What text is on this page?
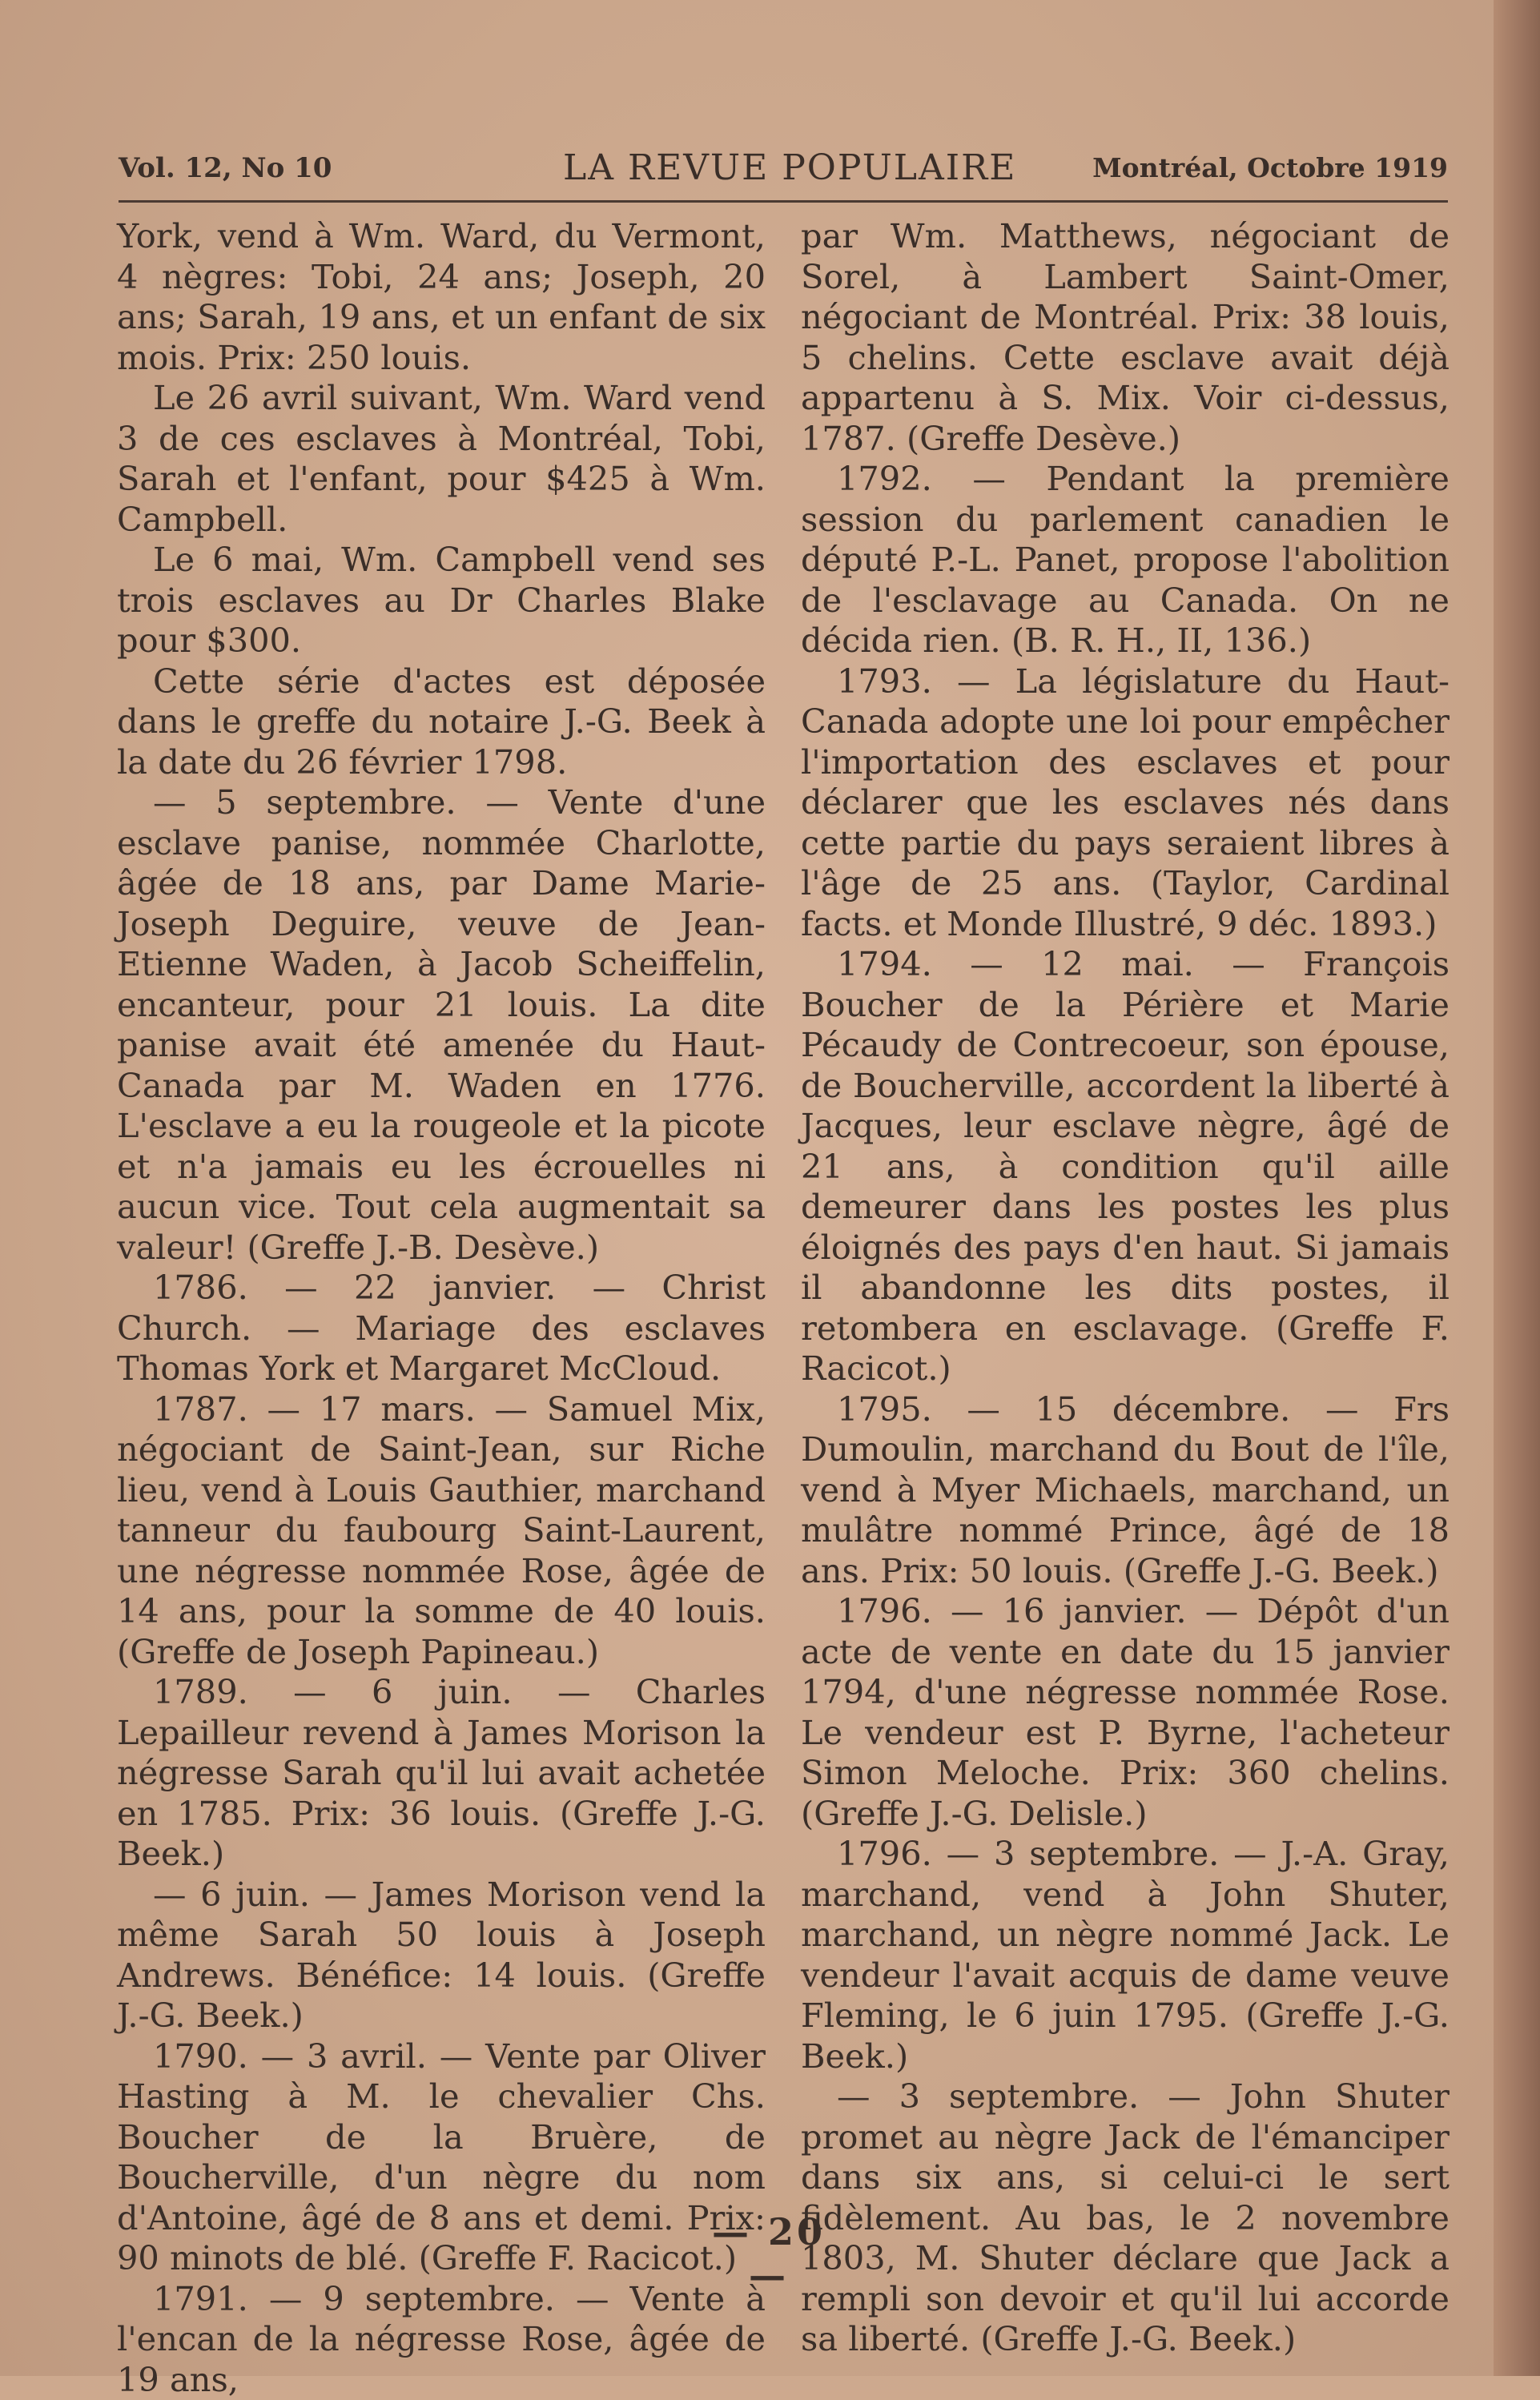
Vol. 12, No 10	LA REVUE POPULAIRE	Montréal, Octobre 1919

York, vend à Wm. Ward, du Vermont, 4 nègres: Tobi, 24 ans; Joseph, 20 ans; Sarah, 19 ans, et un enfant de six mois. Prix: 250 louis.

Le 26 avril suivant, Wm. Ward vend 3 de ces esclaves à Montréal, Tobi, Sarah et l'enfant, pour $425 à Wm. Campbell.

Le 6 mai, Wm. Campbell vend ses trois esclaves au Dr Charles Blake pour $300.

Cette série d'actes est déposée dans le greffe du notaire J.-G. Beek à la date du 26 février 1798.

— 5 septembre. — Vente d'une esclave panise, nommée Charlotte, âgée de 18 ans, par Dame Marie-Joseph Deguire, veuve de Jean-Etienne Waden, à Jacob Scheiffelin, encanteur, pour 21 louis. La dite panise avait été amenée du Haut-Canada par M. Waden en 1776. L'esclave a eu la rougeole et la picote et n'a jamais eu les écrouelles ni aucun vice. Tout cela augmentait sa valeur! (Greffe J.-B. Desève.)

1786. — 22 janvier. — Christ Church. — Mariage des esclaves Thomas York et Margaret McCloud.

1787. — 17 mars. — Samuel Mix, négociant de Saint-Jean, sur Riche lieu, vend à Louis Gauthier, marchand tanneur du faubourg Saint-Laurent, une négresse nommée Rose, âgée de 14 ans, pour la somme de 40 louis. (Greffe de Joseph Papineau.)

1789. — 6 juin. — Charles Lepailleur revend à James Morison la négresse Sarah qu'il lui avait achetée en 1785. Prix: 36 louis. (Greffe J.-G. Beek.)

— 6 juin. — James Morison vend la même Sarah 50 louis à Joseph Andrews. Bénéfice: 14 louis. (Greffe J.-G. Beek.)

1790. — 3 avril. — Vente par Oliver Hasting à M. le chevalier Chs. Boucher de la Bruère, de Boucherville, d'un nègre du nom d'Antoine, âgé de 8 ans et demi. Prix: 90 minots de blé. (Greffe F. Racicot.)

1791. — 9 septembre. — Vente à l'encan de la négresse Rose, âgée de 19 ans,

par Wm. Matthews, négociant de Sorel, à Lambert Saint-Omer, négociant de Montréal. Prix: 38 louis, 5 chelins. Cette esclave avait déjà appartenu à S. Mix. Voir ci-dessus, 1787. (Greffe Desève.)

1792. — Pendant la première session du parlement canadien le député P.-L. Panet, propose l'abolition de l'esclavage au Canada. On ne décida rien. (B. R. H., II, 136.)

1793. — La législature du Haut-Canada adopte une loi pour empêcher l'importation des esclaves et pour déclarer que les esclaves nés dans cette partie du pays seraient libres à l'âge de 25 ans. (Taylor, Cardinal facts. et Monde Illustré, 9 déc. 1893.)

1794. — 12 mai. — François Boucher de la Périère et Marie Pécaudy de Contrecoeur, son épouse, de Boucherville, accordent la liberté à Jacques, leur esclave nègre, âgé de 21 ans, à condition qu'il aille demeurer dans les postes les plus éloignés des pays d'en haut. Si jamais il abandonne les dits postes, il retombera en esclavage. (Greffe F. Racicot.)

1795. — 15 décembre. — Frs Dumoulin, marchand du Bout de l'île, vend à Myer Michaels, marchand, un mulâtre nommé Prince, âgé de 18 ans. Prix: 50 louis. (Greffe J.-G. Beek.)

1796. — 16 janvier. — Dépôt d'un acte de vente en date du 15 janvier 1794, d'une négresse nommée Rose. Le vendeur est P. Byrne, l'acheteur Simon Meloche. Prix: 360 chelins. (Greffe J.-G. Delisle.)

1796. — 3 septembre. — J.-A. Gray, marchand, vend à John Shuter, marchand, un nègre nommé Jack. Le vendeur l'avait acquis de dame veuve Fleming, le 6 juin 1795. (Greffe J.-G. Beek.)

— 3 septembre. — John Shuter promet au nègre Jack de l'émanciper dans six ans, si celui-ci le sert fidèlement. Au bas, le 2 novembre 1803, M. Shuter déclare que Jack a rempli son devoir et qu'il lui accorde sa liberté. (Greffe J.-G. Beek.)

— 20 —
